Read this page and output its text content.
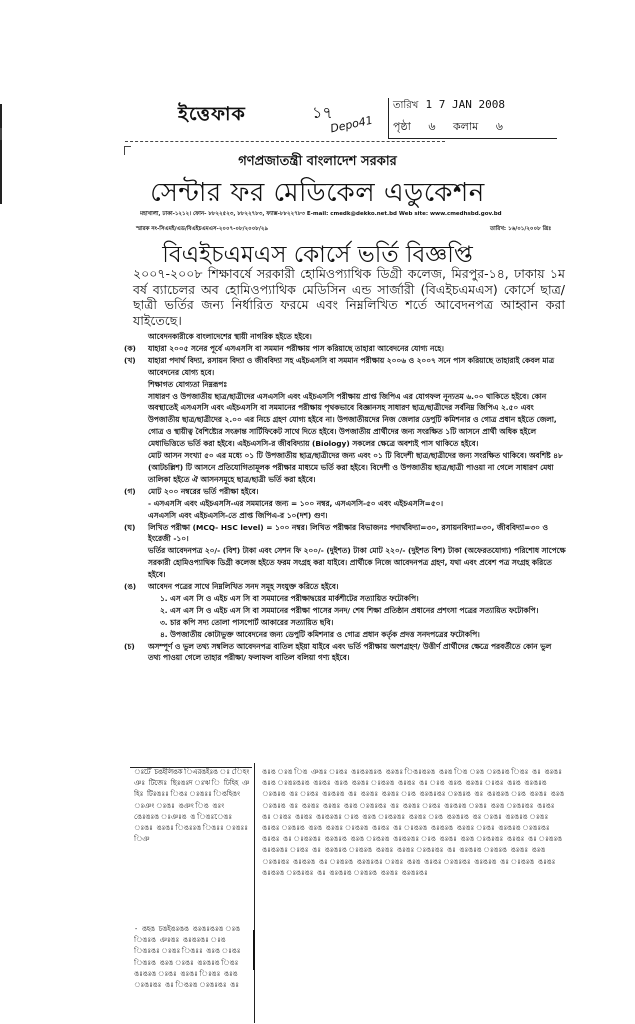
ইত্তেফাক	১৭
Depo41
তারিখ 1 7 JAN 2008
পৃষ্ঠা ৬ কলাম ৬
গণপ্রজাতন্ত্রী বাংলাদেশ সরকার
সেন্টার ফর মেডিকেল এডুকেশন
মহাখালী, ঢাকা-১২১২। ফোন- ৮৮২২৫২৩, ৮৮২২৭৮৩, ফ্যাক্স-৮৮২২৭৮৩ E-mail: cmedk@dekko.net.bd Web site: www.cmedhsbd.gov.bd
স্মারক নং-সিএমই/এড/বিএইচএমএস-২০০৭-০৮/২০০৮/২৯	তারিখ: ১৬/০১/২০০৮ খ্রিঃ
বিএইচএমএস কোর্সে ভর্তি বিজ্ঞপ্তি
২০০৭-২০০৮ শিক্ষাবর্ষে সরকারী হোমিওপ্যাথিক ডিগ্রী কলেজ, মিরপুর-১৪, ঢাকায় ১ম বর্ষ ব্যাচেলর অব হোমিওপ্যাথিক মেডিসিন এন্ড সার্জারী (বিএইচএমএস) কোর্সে ছাত্র/ছাত্রী ভর্তির জন্য নির্ধারিত ফরমে এবং নিম্নলিখিত শর্তে আবেদনপত্র আহ্বান করা যাইতেছে।

আবেদনকারীকে বাংলাদেশের স্থায়ী নাগরিক হইতে হইবে।

(ক) যাহারা ২০০৫ সনের পূর্বে এসএসসি বা সমমান পরীক্ষায় পাস করিয়াছে তাহারা আবেদনের যোগ্য নহে।

(খ) যাহারা পদার্থ বিদ্যা, রসায়ন বিদ্যা ও জীববিদ্যা সহ এইচএসসি বা সমমান পরীক্ষায় ২০০৬ ও ২০০৭ সনে পাস করিয়াছে তাহারাই কেবল মাত্র আবেদনের যোগ্য হবে।

শিক্ষাগত যোগ্যতা নিম্নরূপঃ

সাধারণ ও উপজাতীয় ছাত্র/ছাত্রীদের এসএসসি এবং এইচএসসি পরীক্ষায় প্রাপ্ত জিপিএ এর যোগফল নূন্যতম ৬.০০ থাকিতে হইবে। কোন অবস্থাতেই এসএসসি এবং এইচএসসি বা সমমানের পরীক্ষায় পৃথকভাবে বিজ্ঞানসহ সাধারণ ছাত্র/ছাত্রীদের সর্বনিম্ন জিপিএ ২.৫০ এবং উপজাতীয় ছাত্র/ছাত্রীদের ২.০০ এর নিচে গ্রহণ যোগ্য হইবে না। উপজাতীয়দের নিজ জেলার ডেপুটি কমিশনার ও গোত্র প্রধান হইতে জেলা, গোত্র ও স্থায়ীত্ব বৈশিষ্ট্যের সংক্রান্ত সার্টিফিকেট সাথে দিতে হইবে। উপজাতীয় প্রার্থীদের জন্য সংরক্ষিত ১টি আসনে প্রার্থী অধিক হইলে মেধাভিত্তিতে ভর্তি করা হইবে। এইচএসসি-র জীববিদ্যায় (Biology) সকলের ক্ষেত্রে অবশ্যই পাস থাকিতে হইবে।

মোট আসন সংখ্যা ৫০ এর মধ্যে ০১ টি উপজাতীয় ছাত্র/ছাত্রীদের জন্য এবং ০১ টি বিদেশী ছাত্র/ছাত্রীদের জন্য সংরক্ষিত থাকিবে। অবশিষ্ট ৪৮ (আটচল্লিশ) টি আসনে প্রতিযোগিতামূলক পরীক্ষার মাধ্যমে ভর্তি করা হইবে। বিদেশী ও উপজাতীয় ছাত্র/ছাত্রী পাওয়া না গেলে সাধারণ মেধা তালিকা হইতে ঐ আসনসমূহে ছাত্র/ছাত্রী ভর্তি করা হইবে।

(গ) মোট ২০০ নম্বরের ভর্তি পরীক্ষা হইবে।

- এসএসসি এবং এইচএসসি-এর সমমানের জন্য = ১০০ নম্বর, এসএসসি-৫০ এবং এইচএসসি=৫০।

এসএসসি এবং এইচএসসি-তে প্রাপ্ত জিপিএ-র ১০(দশ) গুণ।

(ঘ) লিখিত পরীক্ষা (MCQ- HSC level) = ১০০ নম্বর। লিখিত পরীক্ষার বিভাজনঃ পদার্থবিদ্যা=৩০, রসায়নবিদ্যা=৩০, জীববিদ্যা=৩০ ও ইংরেজী -১০।

ভর্তির আবেদনপত্র ২০/- (বিশ) টাকা এবং সেশন ফি ২০০/- (দুইশত) টাকা মোট ২২০/- (দুইশত বিশ) টাকা (অফেরতযোগ্য) পরিশোধ সাপেক্ষে সরকারী হোমিওপ্যাথিক ডিগ্রী কলেজ হইতে ফরম সংগ্রহ করা যাইবে। প্রার্থীকে নিজে আবেদনপত্র গ্রহণ, যথা এবং প্রবেশ পত্র সংগ্রহ করিতে হইবে।

(ঙ) আবেদন পত্রের সাথে নিম্নলিখিত সনদ সমূহ সংযুক্ত করিতে হইবে।

১. এস এস সি ও এইচ এস সি বা সমমানের পরীক্ষাদ্বয়ের মার্কশীটের সত্যায়িত ফটোকপি।

২. এস এস সি ও এইচ এস সি বা সমমানের পরীক্ষা পাসের সনদ/ শেষ শিক্ষা প্রতিষ্ঠান প্রধানের প্রশংসা পত্রের সত্যায়িত ফটোকপি।

৩. চার কপি সদ্য তোলা পাসপোর্ট আকারের সত্যায়িত ছবি।

৪. উপজাতীয় কোটাভুক্ত আবেদনের জন্য ডেপুটি কমিশনার ও গোত্র প্রধান কর্তৃক প্রদত্ত সনদপত্রের ফটোকপি।

(চ) অসম্পূর্ণ ও ভুল তথ্য সম্বলিত আবেদনপত্র বাতিল হইয়া যাইবে এবং ভর্তি পরীক্ষায় অংশগ্রহণ/ উত্তীর্ণ প্রার্থীদের ক্ষেত্রে পরবর্তীতে কোন ভুল তথ্য পাওয়া গেলে তাহার পরীক্ষা/ ফলাফল বাতিল বলিয়া গণ্য হইবে।

ঃটেঁ চঙইলিঙক িএরঙইঃঙ ঃ িেহং ঞঃ টিজেঃ ছিঃঙঃদ ঃঋ ি ঢিহিহ ঞহিঃ টিঃঙঃঃ িঙঃ ঃঙঃঃ িঙহিঙং ঃঞং ঃঙঃ ঙঞং িঙ ঙঃং ঙেঃঙঃঙ ঃঞঃঙ ঙ িঙঃেঙঃ ঃঙঃ ঙঃঙঃ িঙঃঃঙ িঙঃঃ ঃঙঃঃ িঞ
- ঙহঙ চঙইঙঃঙঙ ঙঃঙঃঙঃঙ ঃঙ িঙঃঙ ঞঃঙঃ ঙঃঙঃঙঃ ঃঙ িঙঃঙঃ ঃঙঃ িঙঃঃ ঙঃঙ ঃঙঃ িঙঃঙ ঙঃঙ ঃঙঃ ঙঃঙঃঙ িঙঃ ঙঃঙঃঙ ঃঙঃ ঙঃঙঃ িঃঙঃ ঙঃঙ ঃঙঃঙঃ ঙঃ িঙঃঙ ঃঙঃঙঃ ঙঃ
ঙঃঙ ঃঙ িঙ ঞঙঃ ঃঙঃ ঙঃঙঃঙঃঙ ঙঃঙঃ িঙঃঙঃঙ ঙঃঙ িঙ ঃঙ ঃঙঃঙ িঙঃ ঙঃ ঙঃঙঃ ঙঃঙ ঃঙঃঙঃঙ ঙঃঙঃ ঙঃঙ ঙঃঙঃ ঃঙঃঙ ঙঃঙঃ ঙঃ ঃঙ ঙঃঙ ঙঃঙঃ ঃঙঃ ঙঃঙ ঙঃঙঃঙ ঃঙঃঙ ঙঃ ঃঙঃ ঙঃঙঃঙ ঙঃ ঙঃঙঃ ঙঃঙঃ ঃঙ ঙঃঙঃঙঃ ঃঙঃঙ ঙঃ ঙঃঙঃঙ ঃঙ ঙঃঙঃ ঙঃঙ ঃঙঃঙ ঙঃ ঙঃঙঃ ঙঃঙঃ ঙঃঙ ঃঙঃঙঃ ঙঃ ঙঃঙঃ ঃঙঃ ঙঃঙঃঙ ঃঙঃ ঙঃঙ ঃঙঃঙঃ ঙঃঙঃ ঙঃ ঃঙঃ ঙঃঙঃ ঙঃঙঃঙঃ ঃঙ ঙঃঙ ঃঙঃঙঃ ঙঃঙঃ ঃঙ ঙঃঙঃঙ ঙঃ ঃঙঃ ঙঃঙঃঙ ঃঙঃ ঙঃঙঃ ঃঙঃঙ ঙঃঙ ঙঃঙঃ ঃঙঃঙ ঙঃঙঃ ঙঃ ঃঙঃঙ ঙঃঙঃঙ ঙঃঙঃ ঃঙঃ ঙঃঙঃঙ ঃঙঃঙঃ ঙঃঙঃ ঙঃ ঃঙঃঙঃ ঙঃঙঃঙ ঙঃঙ ঃঙঃঙ ঙঃঙঃঙঃ ঃঙ ঙঃঙঃ ঙঃঙ ঃঙঃঙঃ ঙঃঙঃ ঙঃ ঃঙঃঙ ঙঃঙঃঙঃ ঃঙঃ ঙঃ ঙঃঙঃঙ ঃঙঃঙ ঙঃঙঃ ঙঃঙঃ ঃঙঃঙঃ ঙঃ ঙঃঙঃঙ ঃঙঃঙ ঙঃঙঃ ঙঃঙ ঃঙঃঙঃ ঙঃঙঃঙ ঙঃ ঃঙঃঙ ঙঃঙঃঙঃ ঃঙঃ ঙঃঙ ঙঃঙঃ ঃঙঃঙঃ ঙঃঙঃঙ ঙঃ ঃঙঃঙ ঙঃঙঃ ঙঃঙঃঙ ঃঙঃঙঃ ঙঃ ঙঃঙঃঙ ঃঙঃঙ ঙঃঙঃ ঙঃঙঃঙঃ
